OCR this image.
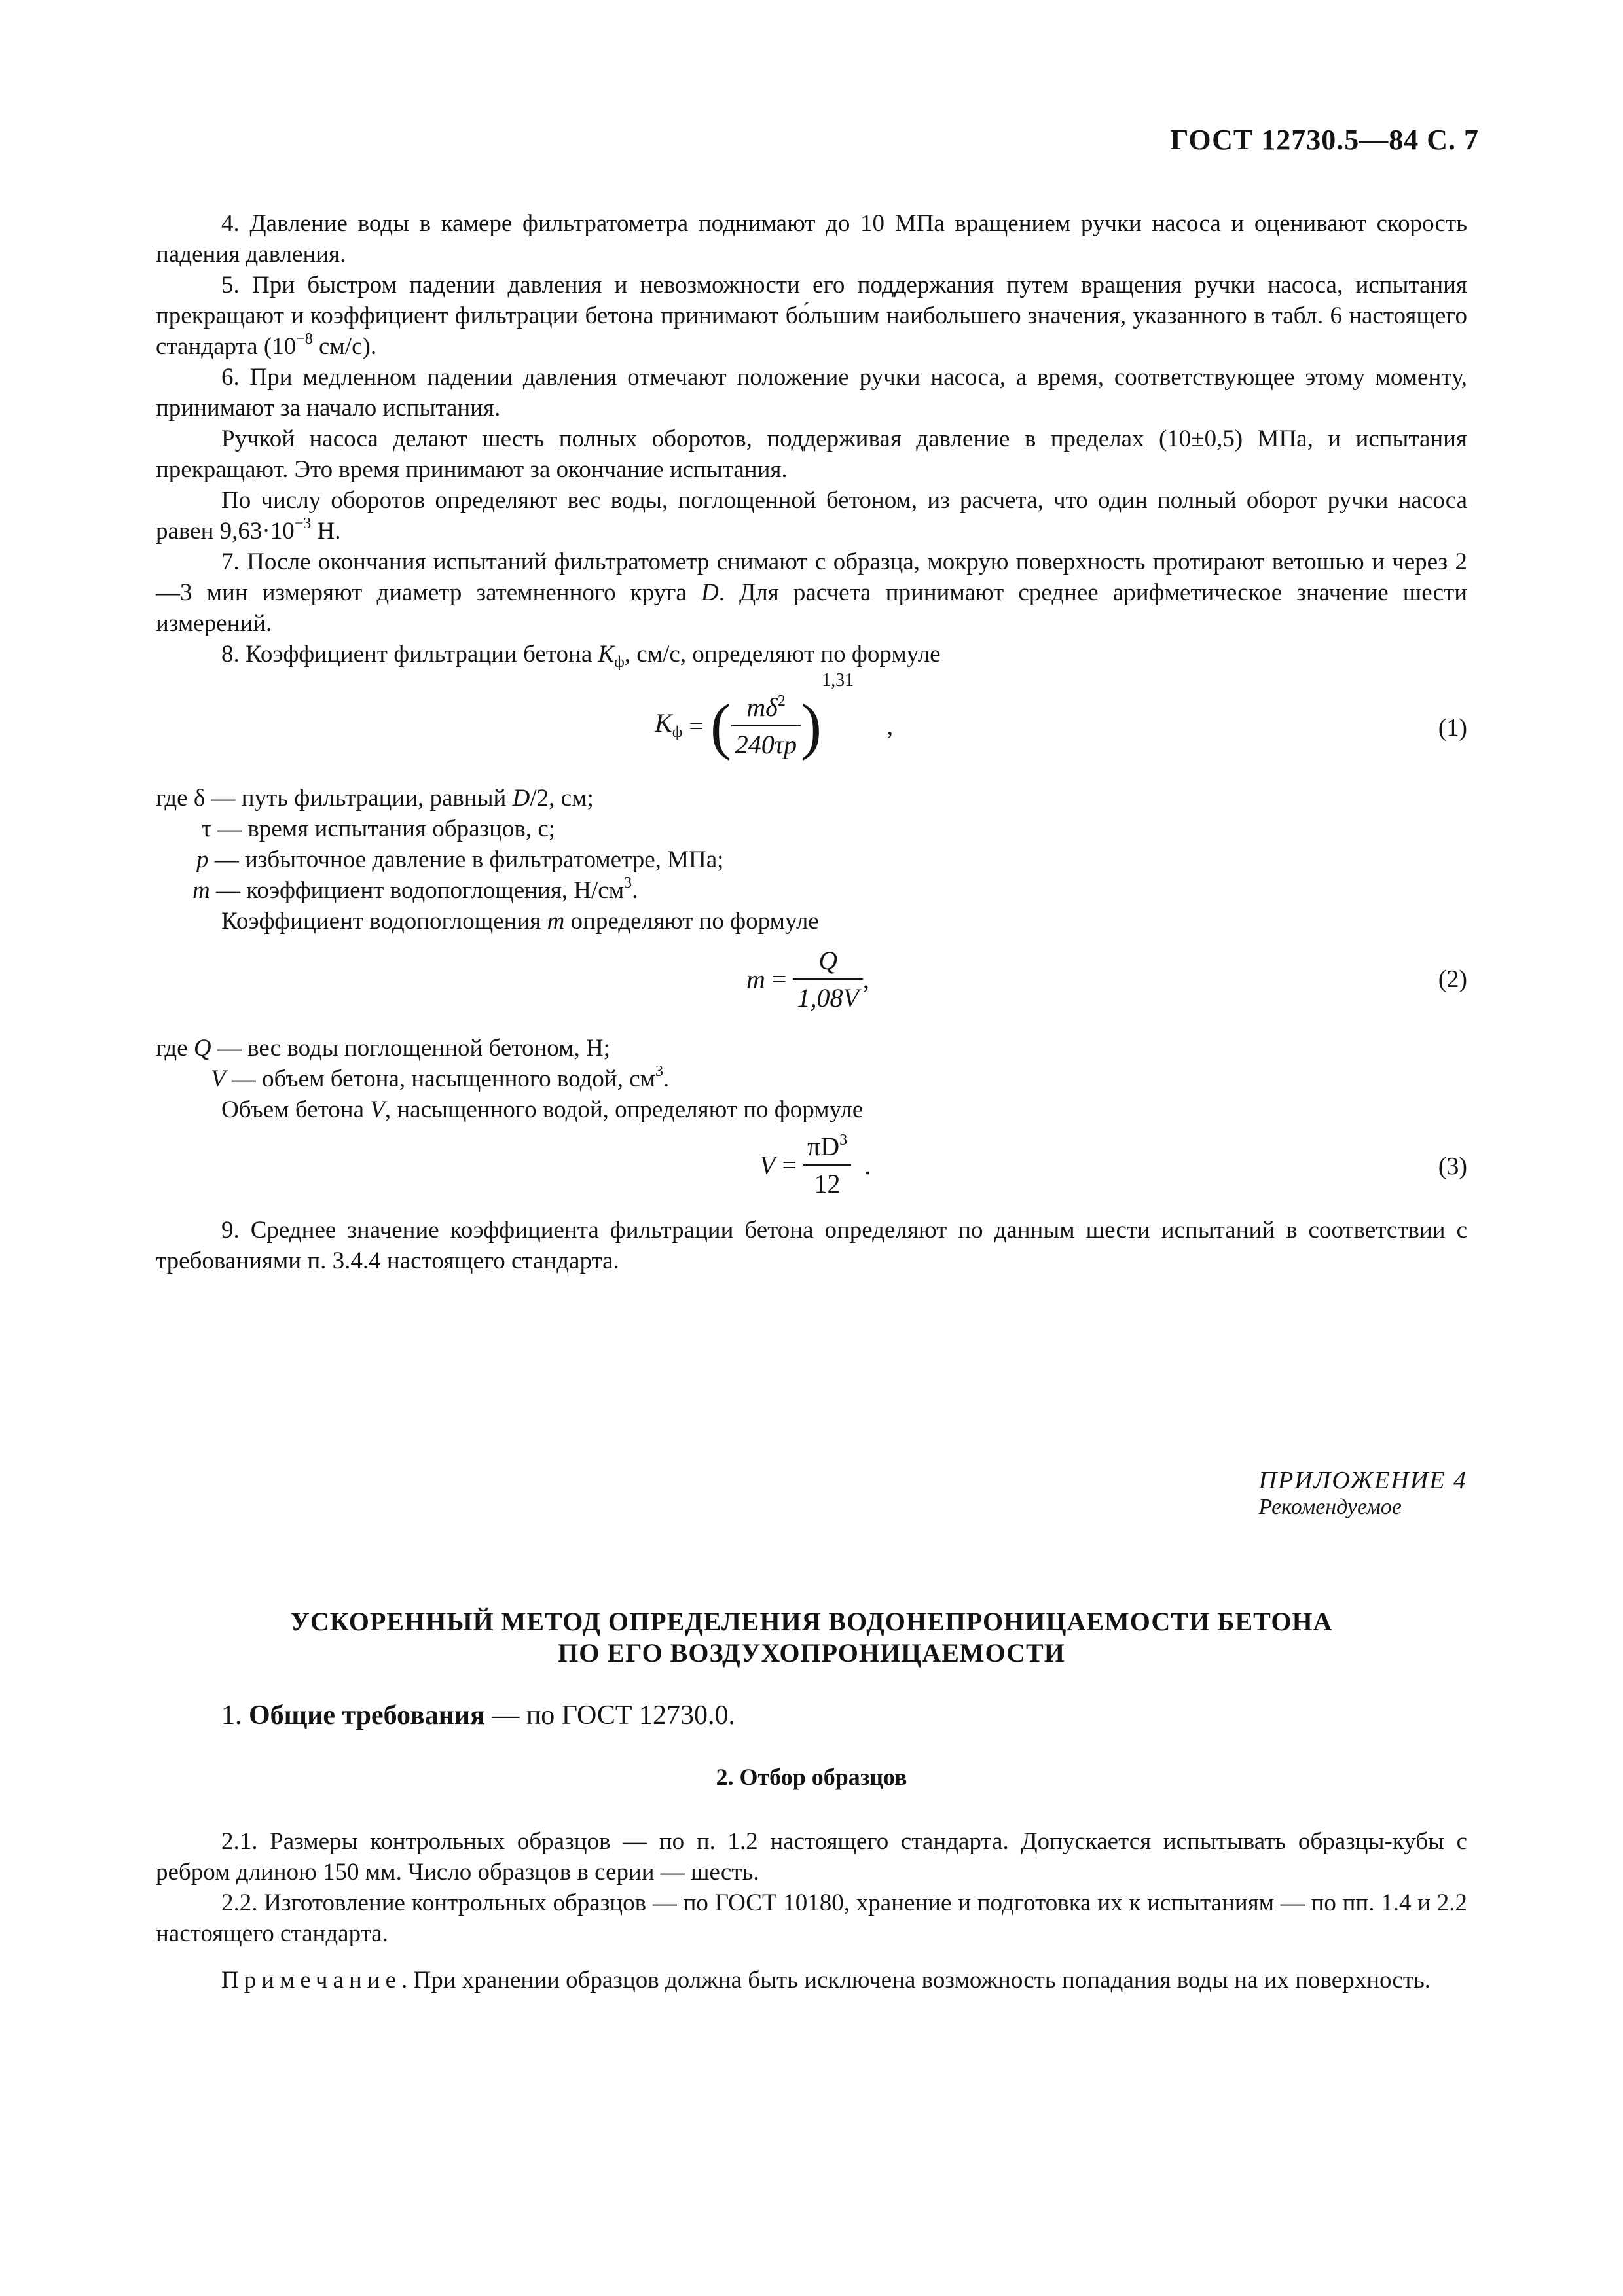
ГОСТ 12730.5—84 С. 7

4. Давление воды в камере фильтратометра поднимают до 10 МПа вращением ручки насоса и оценивают скорость падения давления.

5. При быстром падении давления и невозможности его поддержания путем вращения ручки насоса, испытания прекращают и коэффициент фильтрации бетона принимают бо́льшим наибольшего значения, указанного в табл. 6 настоящего стандарта ($10^{-8}$ см/с).

6. При медленном падении давления отмечают положение ручки насоса, а время, соответствующее этому моменту, принимают за начало испытания.

Ручкой насоса делают шесть полных оборотов, поддерживая давление в пределах (10±0,5) МПа, и испытания прекращают. Это время принимают за окончание испытания.

По числу оборотов определяют вес воды, поглощенной бетоном, из расчета, что один полный оборот ручки насоса равен $9,63\cdot 10^{-3}$ Н.

7. После окончания испытаний фильтратометр снимают с образца, мокрую поверхность протирают ветошью и через 2—3 мин измеряют диаметр затемненного круга D. Для расчета принимают среднее арифметическое значение шести измерений.

8. Коэффициент фильтрации бетона $K_ф$, см/с, определяют по формуле

$K_ф$ = ( $\frac{m\delta^2}{240\tau p} )^{1,31}$ ,	(1)
где δ — путь фильтрации, равный D/2, см;
τ — время испытания образцов, с;
p — избыточное давление в фильтратометре, МПа;
m — коэффициент водопоглощения, $Н/см^3$.
Коэффициент водопоглощения m определяют по формуле
$m = \frac{Q}{1,08V}$ ,	(2)
где Q — вес воды поглощенной бетоном, Н;
V — объем бетона, насыщенного водой, $см^3$.
Объем бетона V, насыщенного водой, определяют по формуле
$V = \frac{\pi D^3}{12}$ .	(3)

9. Среднее значение коэффициента фильтрации бетона определяют по данным шести испытаний в соответствии с требованиями п. 3.4.4 настоящего стандарта.

ПРИЛОЖЕНИЕ 4
Рекомендуемое
УСКОРЕННЫЙ МЕТОД ОПРЕДЕЛЕНИЯ ВОДОНЕПРОНИЦАЕМОСТИ БЕТОНА
ПО ЕГО ВОЗДУХОПРОНИЦАЕМОСТИ

1. Общие требования — по ГОСТ 12730.0.

2. Отбор образцов

2.1. Размеры контрольных образцов — по п. 1.2 настоящего стандарта. Допускается испытывать образцы-кубы с ребром длиною 150 мм. Число образцов в серии — шесть.

2.2. Изготовление контрольных образцов — по ГОСТ 10180, хранение и подготовка их к испытаниям — по пп. 1.4 и 2.2 настоящего стандарта.

Примечание. При хранении образцов должна быть исключена возможность попадания воды на их поверхность.
